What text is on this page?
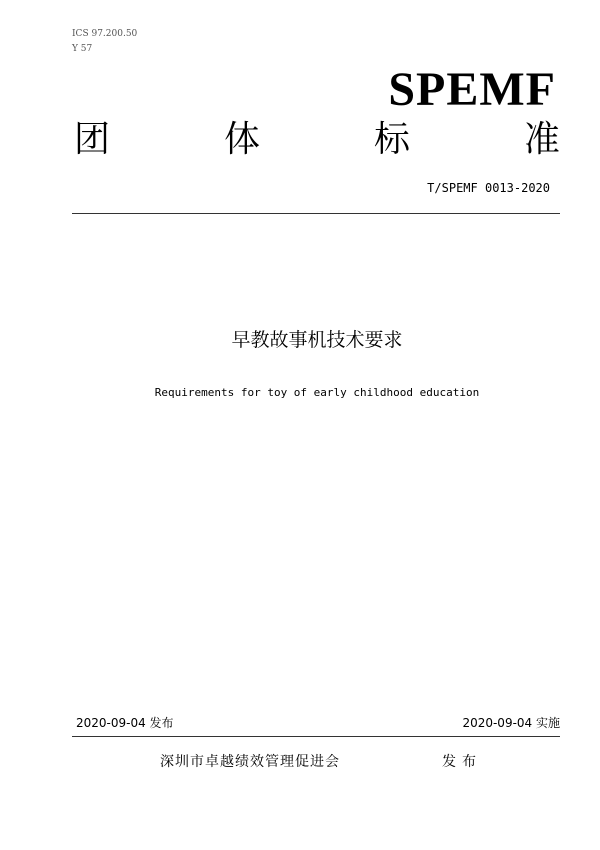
ICS 97.200.50
Y 57
SPEMF
团	体	标	准
T/SPEMF 0013-2020
早教故事机技术要求
Requirements for toy of early childhood education
2020-09-04 发布	2020-09-04 实施
深圳市卓越绩效管理促进会	发布
